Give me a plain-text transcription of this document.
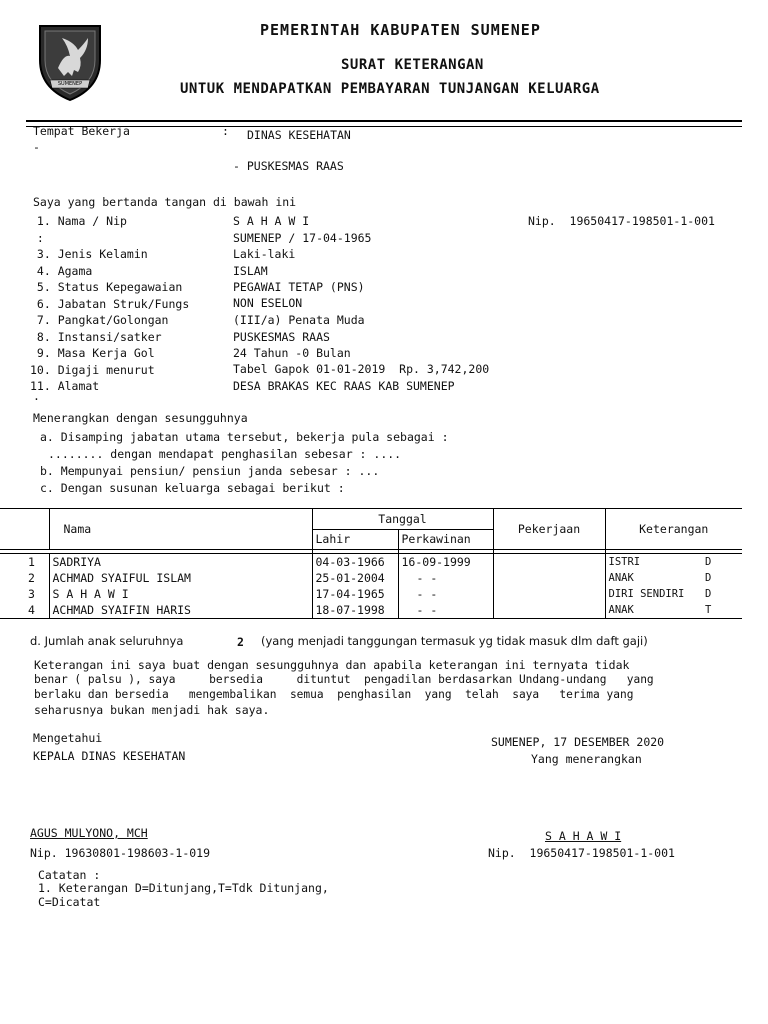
SUMENEP
PEMERINTAH KABUPATEN SUMENEP
SURAT KETERANGAN
UNTUK MENDAPATKAN PEMBAYARAN TUNJANGAN KELUARGA
Tempat Bekerja	:
-
DINAS KESEHATAN
- PUSKESMAS RAAS
Saya yang bertanda tangan di bawah ini
1. Nama / Nip	S A H A W I	Nip.  19650417-198501-1-001
:	SUMENEP / 17-04-1965
3. Jenis Kelamin	Laki-laki
4. Agama	ISLAM
5. Status Kepegawaian	PEGAWAI TETAP (PNS)
6. Jabatan Struk/Fungs	NON ESELON
7. Pangkat/Golongan	(III/a) Penata Muda
8. Instansi/satker	PUSKESMAS RAAS
9. Masa Kerja Gol	24 Tahun -0 Bulan
10. Digaji menurut	Tabel Gapok 01-01-2019  Rp. 3,742,200
11. Alamat	DESA BRAKAS KEC RAAS KAB SUMENEP
.
Menerangkan dengan sesungguhnya
a. Disamping jabatan utama tersebut, bekerja pula sebagai :
........ dengan mendapat penghasilan sebesar : ....
b. Mempunyai pensiun/ pensiun janda sebesar : ...
c. Dengan susunan keluarga sebagai berikut :
	Nama	Tanggal		Pekerjaan	Keterangan
		Lahir	Perkawinan		

1	SADRIYA	04-03-1966	16-09-1999		ISTRI D

2	ACHMAD SYAIFUL ISLAM	25-01-2004	- -		ANAK D

3	S A H A W I	17-04-1965	- -		DIRI SENDIRI D

4	ACHMAD SYAIFIN HARIS	18-07-1998	- -		ANAK T
d. Jumlah anak seluruhnya	2 (yang menjadi tanggungan termasuk yg tidak masuk dlm daft gaji)
Keterangan ini saya buat dengan sesungguhnya dan apabila keterangan ini ternyata tidak
benar ( palsu ), saya     bersedia     dituntut  pengadilan berdasarkan Undang-undang   yang
berlaku dan bersedia   mengembalikan  semua  penghasilan  yang  telah  saya   terima yang
seharusnya bukan menjadi hak saya.
Mengetahui
KEPALA DINAS KESEHATAN
SUMENEP, 17 DESEMBER 2020
Yang menerangkan
AGUS MULYONO, MCH
Nip. 19630801-198603-1-019
S A H A W I
Nip.  19650417-198501-1-001
Catatan :
1. Keterangan D=Ditunjang,T=Tdk Ditunjang,
C=Dicatat
